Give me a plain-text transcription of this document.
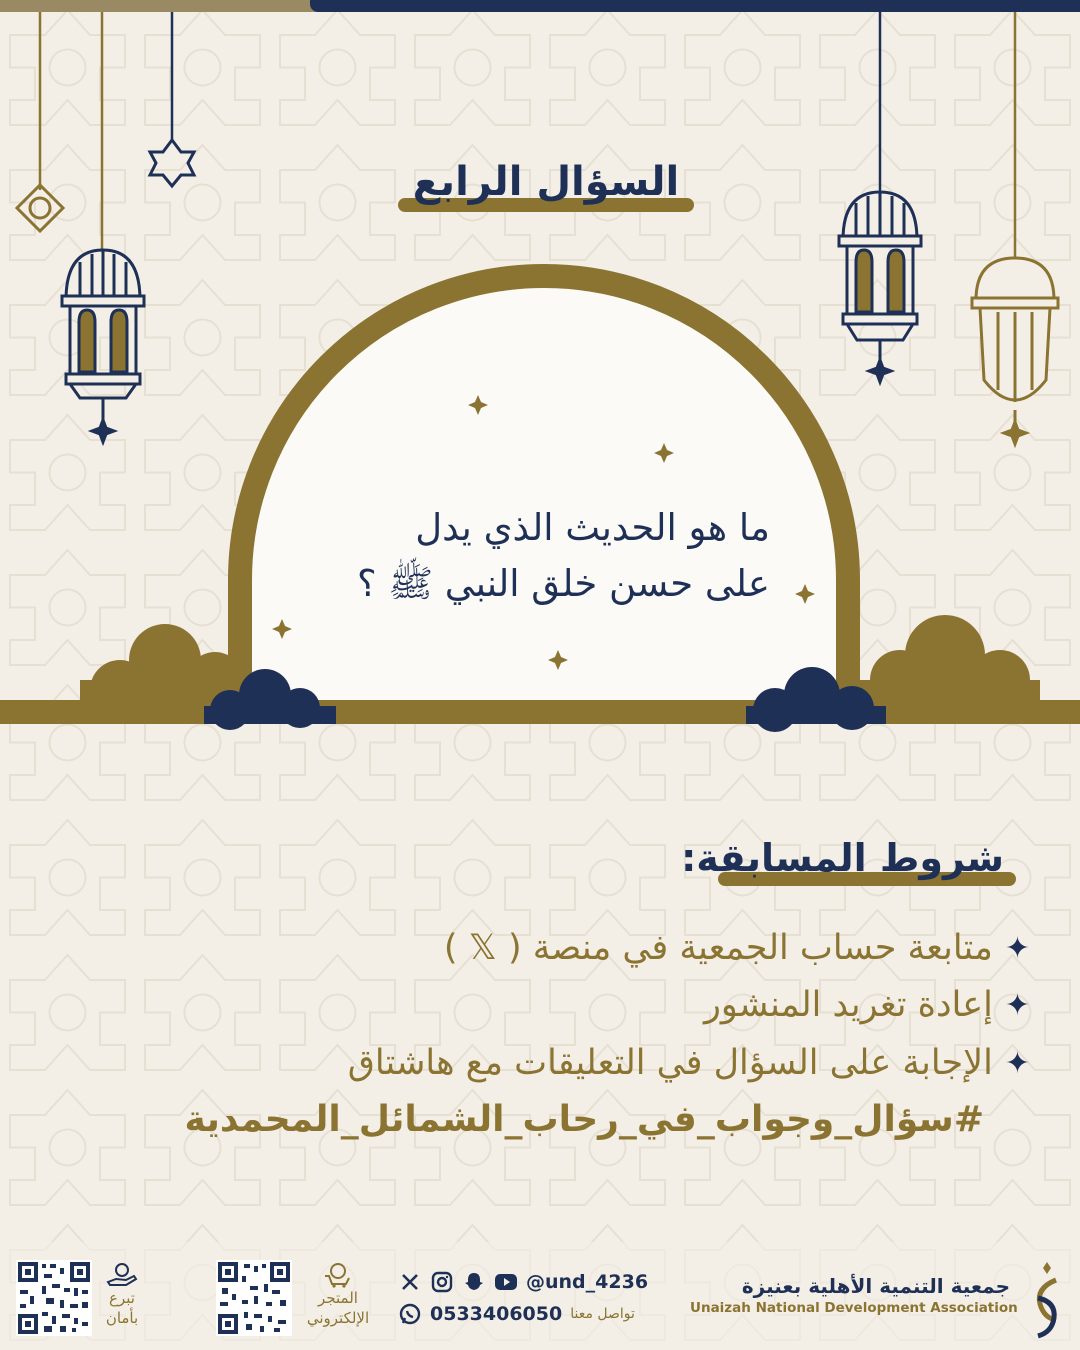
السؤال الرابع
ما هو الحديث الذي يدل
على حسن خلق النبي ﷺ ؟
شروط المسابقة:
✦
متابعة حساب الجمعية في منصة ( 𝕏 )
✦
إعادة تغريد المنشور
✦
الإجابة على السؤال في التعليقات مع هاشتاق
#سؤال_وجواب_في_رحاب_الشمائل_المحمدية
تبرع
بأمان
المتجر
الإلكتروني
@und_4236
0533406050 تواصل معنا
جمعية التنمية الأهلية بعنيزة
Unaizah National Development Association
